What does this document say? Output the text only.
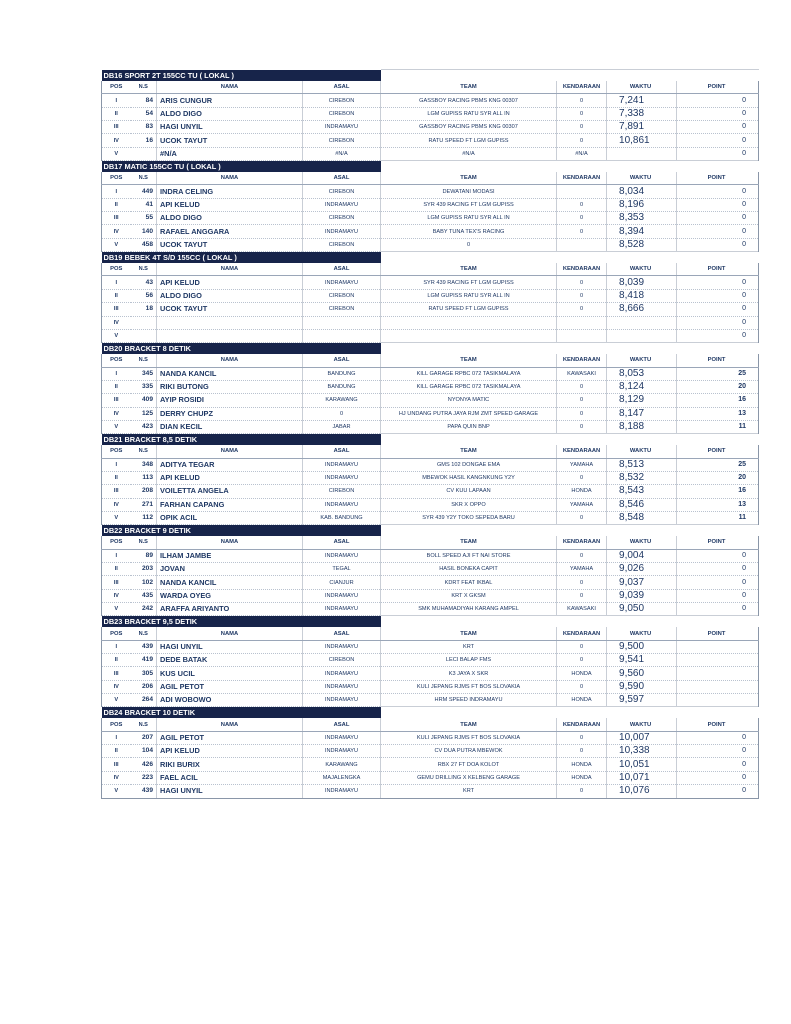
DB16 SPORT 2T 155CC TU ( LOKAL )							
POS	N.S	NAMA	ASAL	TEAM	KENDARAAN	WAKTU	POINT
I	84	ARIS CUNGUR	CIREBON	GASSBOY RACING PBMS KNG 00307	0	7,241	0
II	54	ALDO DIGO	CIREBON	LGM GUPISS RATU SYR ALL IN	0	7,338	0
III	83	HAGI UNYIL	INDRAMAYU	GASSBOY RACING PBMS KNG 00307	0	7,891	0
IV	16	UCOK TAYUT	CIREBON	RATU SPEED FT LGM GUPISS	0	10,861	0
V		#N/A	#N/A	#N/A	#N/A		0
DB17 MATIC 155CC TU ( LOKAL )							
POS	N.S	NAMA	ASAL	TEAM	KENDARAAN	WAKTU	POINT
I	449	INDRA CELING	CIREBON	DEWATANI MODASI		8,034	0
II	41	API KELUD	INDRAMAYU	SYR 439 RACING FT LGM GUPISS	0	8,196	0
III	55	ALDO DIGO	CIREBON	LGM GUPISS RATU SYR ALL IN	0	8,353	0
IV	140	RAFAEL ANGGARA	INDRAMAYU	BABY TUNA TEX'S RACING	0	8,394	0
V	458	UCOK TAYUT	CIREBON	0		8,528	0
DB19 BEBEK 4T S/D 155CC ( LOKAL )							
POS	N.S	NAMA	ASAL	TEAM	KENDARAAN	WAKTU	POINT
I	43	API KELUD	INDRAMAYU	SYR 439 RACING FT LGM GUPISS	0	8,039	0
II	56	ALDO DIGO	CIREBON	LGM GUPISS RATU SYR ALL IN	0	8,418	0
III	18	UCOK TAYUT	CIREBON	RATU SPEED FT LGM GUPISS	0	8,666	0
IV							0
V							0
DB20 BRACKET 8 DETIK							
POS	N.S	NAMA	ASAL	TEAM	KENDARAAN	WAKTU	POINT
I	345	NANDA KANCIL	BANDUNG	KILL GARAGE RPBC 072 TASIKMALAYA	KAWASAKI	8,053	25
II	335	RIKI BUTONG	BANDUNG	KILL GARAGE RPBC 072 TASIKMALAYA	0	8,124	20
III	409	AYIP ROSIDI	KARAWANG	NYONYA MATIC	0	8,129	16
IV	125	DERRY CHUPZ	0	HJ UNDANG PUTRA JAYA RJM ZMT SPEED GARAGE	0	8,147	13
V	423	DIAN KECIL	JABAR	PAPA QUIN BNP	0	8,188	11
DB21 BRACKET 8,5 DETIK							
POS	N.S	NAMA	ASAL	TEAM	KENDARAAN	WAKTU	POINT
I	348	ADITYA TEGAR	INDRAMAYU	GMS 102 DONGAE EMA	YAMAHA	8,513	25
II	113	API KELUD	INDRAMAYU	MBEWOK HASIL KANGNKUNG Y2Y	0	8,532	20
III	208	VOILETTA ANGELA	CIREBON	CV KUU LAPAAN	HONDA	8,543	16
IV	271	FARHAN CAPANG	INDRAMAYU	SKR X OPPO	YAMAHA	8,546	13
V	112	OPIK ACIL	KAB. BANDUNG	SYR 439 Y2Y TOKO SEPEDA BARU	0	8,548	11
DB22 BRACKET 9 DETIK							
POS	N.S	NAMA	ASAL	TEAM	KENDARAAN	WAKTU	POINT
I	89	ILHAM JAMBE	INDRAMAYU	BOLL SPEED AJI FT NAI STORE	0	9,004	0
II	203	JOVAN	TEGAL	HASIL BONEKA CAPIT	YAMAHA	9,026	0
III	102	NANDA KANCIL	CIANJUR	KDRT FEAT IKBAL	0	9,037	0
IV	435	WARDA OYEG	INDRAMAYU	KRT X GKSM	0	9,039	0
V	242	ARAFFA ARIYANTO	INDRAMAYU	SMK MUHAMADIYAH KARANG AMPEL	KAWASAKI	9,050	0
DB23 BRACKET 9,5 DETIK							
POS	N.S	NAMA	ASAL	TEAM	KENDARAAN	WAKTU	POINT
I	439	HAGI UNYIL	INDRAMAYU	KRT	0	9,500	
II	419	DEDE BATAK	CIREBON	LECI BALAP FMS	0	9,541	
III	305	KUS UCIL	INDRAMAYU	K3 JAYA X SKR	HONDA	9,560	
IV	206	AGIL PETOT	INDRAMAYU	KULI JEPANG RJMS FT BOS SLOVAKIA	0	9,590	
V	264	ADI WOBOWO	INDRAMAYU	HRM SPEED INDRAMAYU	HONDA	9,597	
DB24 BRACKET 10 DETIK							
POS	N.S	NAMA	ASAL	TEAM	KENDARAAN	WAKTU	POINT
I	207	AGIL PETOT	INDRAMAYU	KULI JEPANG RJMS FT BOS SLOVAKIA	0	10,007	0
II	104	API KELUD	INDRAMAYU	CV DUA PUTRA MBEWOK	0	10,338	0
III	426	RIKI BURIX	KARAWANG	RBX 27 FT DOA KOLOT	HONDA	10,051	0
IV	223	FAEL ACIL	MAJALENGKA	GEMU DRILLING X KELBENG GARAGE	HONDA	10,071	0
V	439	HAGI UNYIL	INDRAMAYU	KRT	0	10,076	0
